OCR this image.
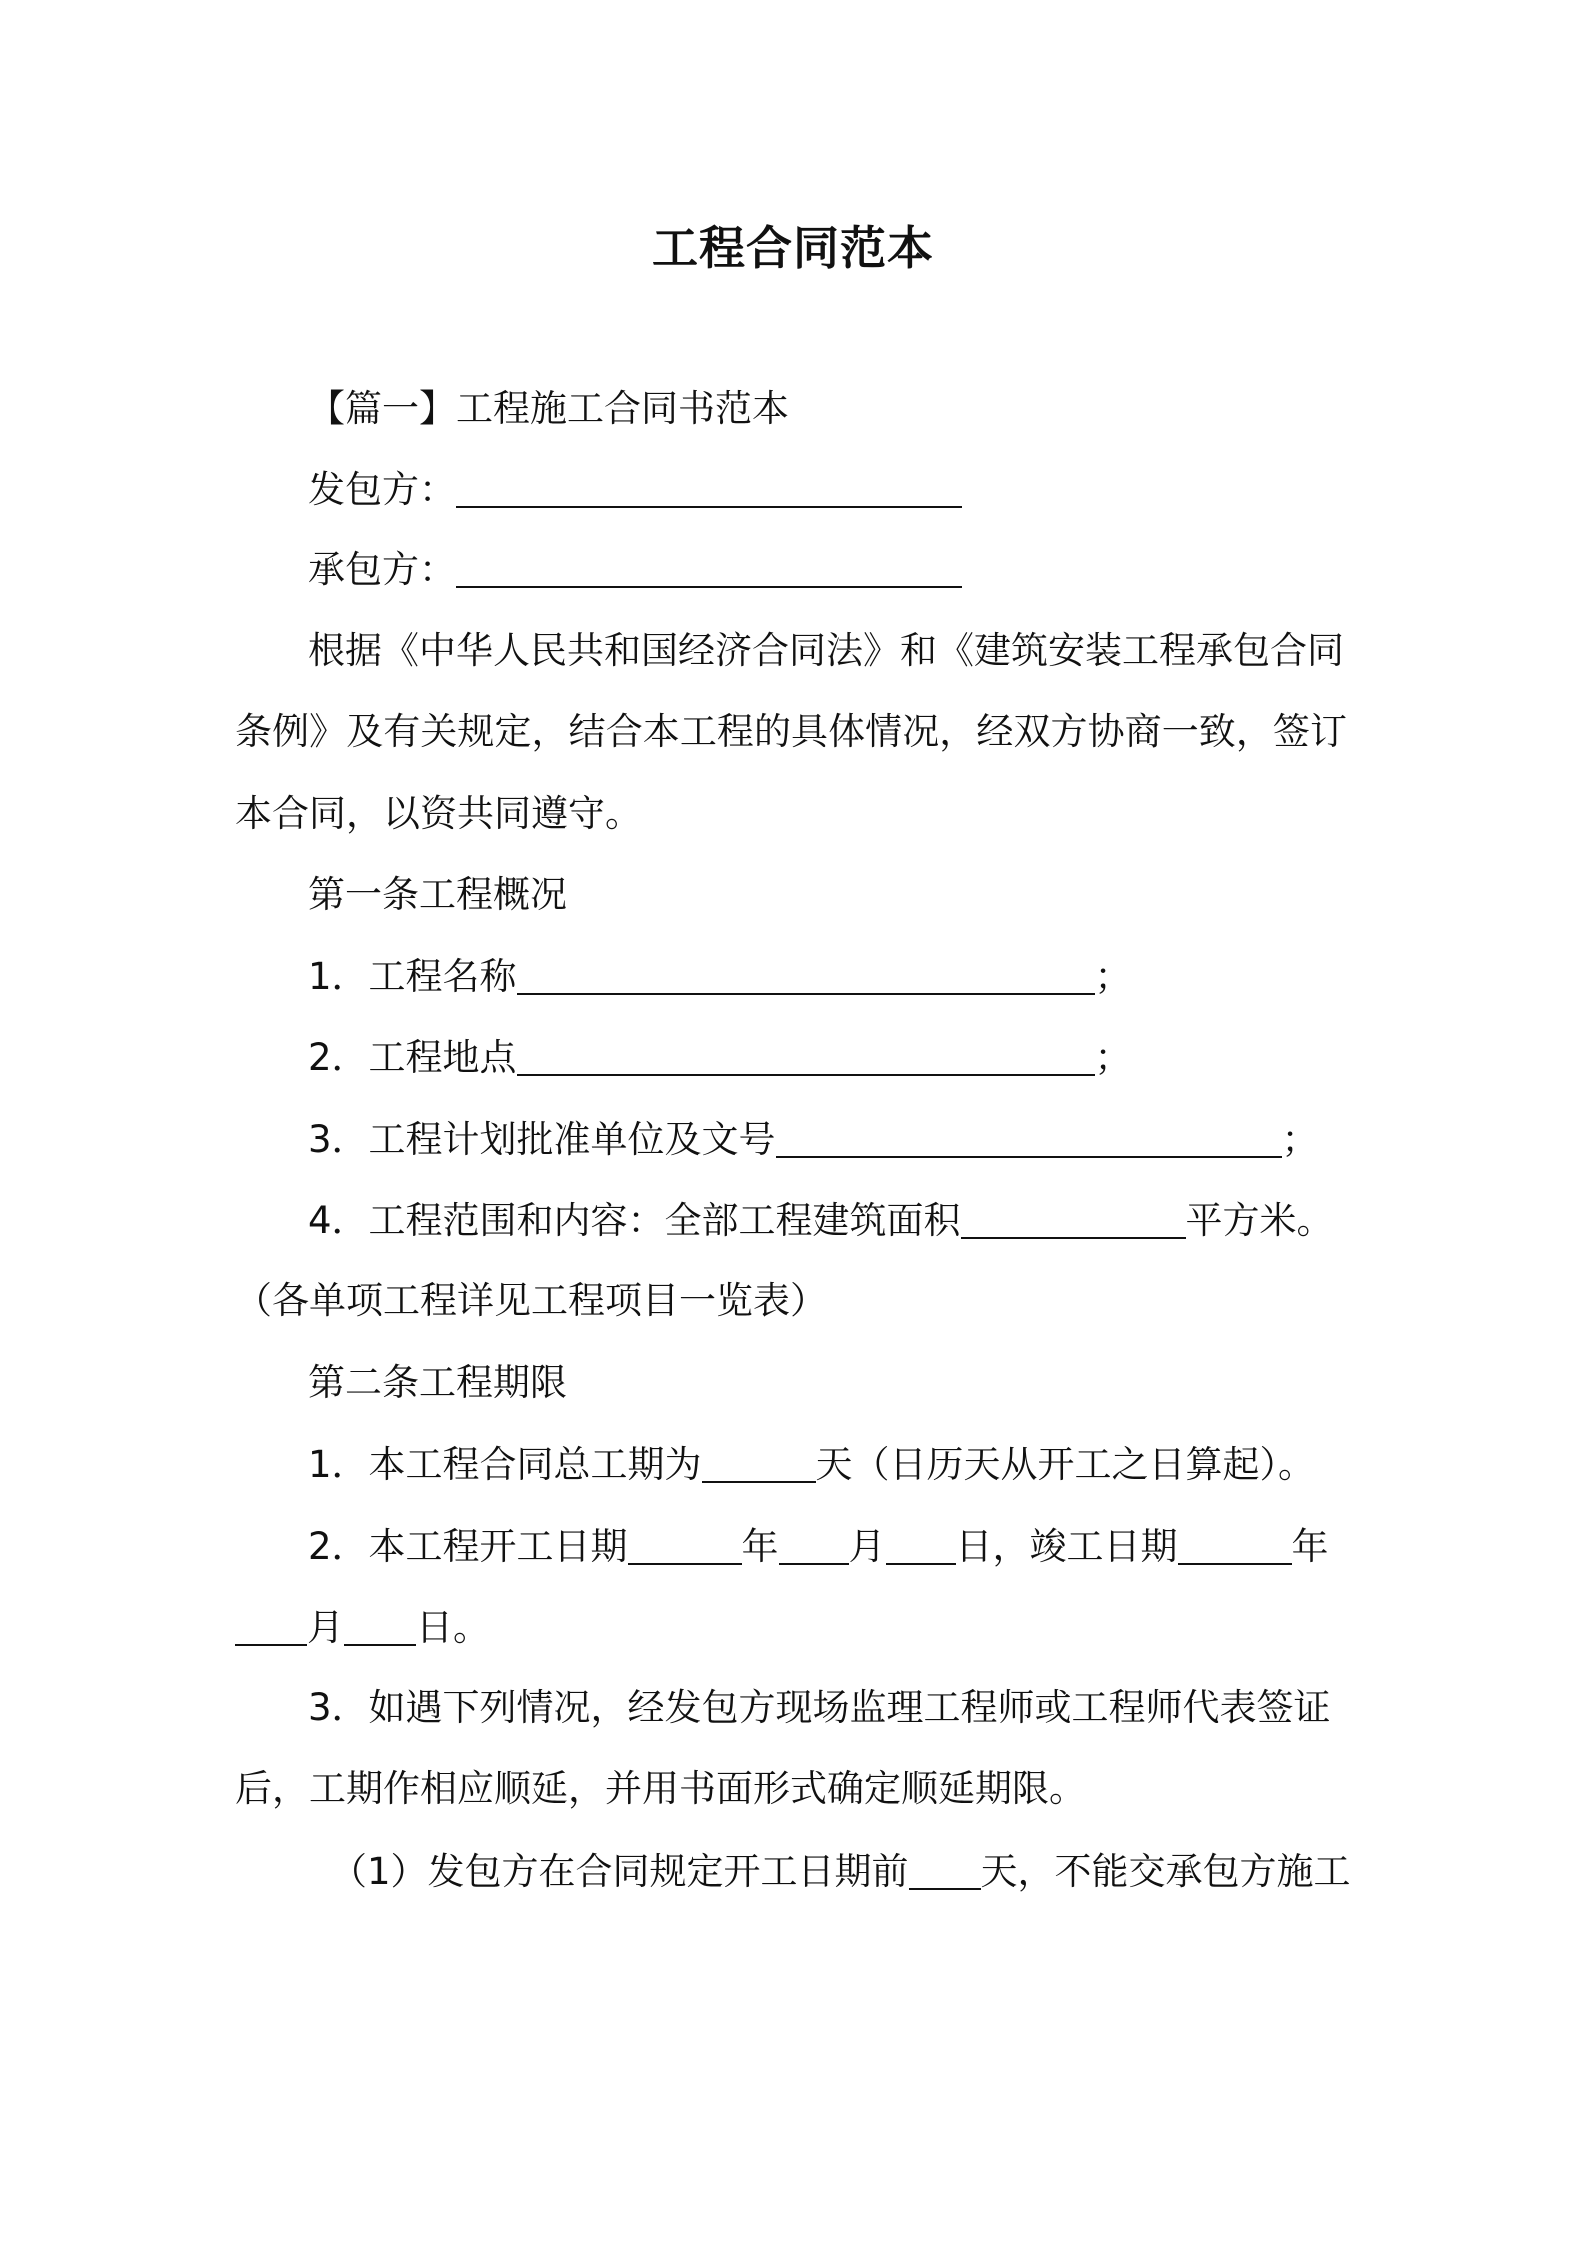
工程合同范本
【篇一】工程施工合同书范本
发包方：
承包方：
根据《中华人民共和国经济合同法》和《建筑安装工程承包合同
条例》及有关规定，结合本工程的具体情况，经双方协商一致，签订
本合同，以资共同遵守。
第一条工程概况
1．工程名称	；
2．工程地点	；
3．工程计划批准单位及文号	；
4．工程范围和内容：全部工程建筑面积	平方米。
（各单项工程详见工程项目一览表）
第二条工程期限
1．本工程合同总工期为	天（日历天从开工之日算起）。
2．本工程开工日期	年 月 日，竣工日期	年
月 日。
3．如遇下列情况，经发包方现场监理工程师或工程师代表签证
后，工期作相应顺延，并用书面形式确定顺延期限。
（1）发包方在合同规定开工日期前 天，不能交承包方施工
